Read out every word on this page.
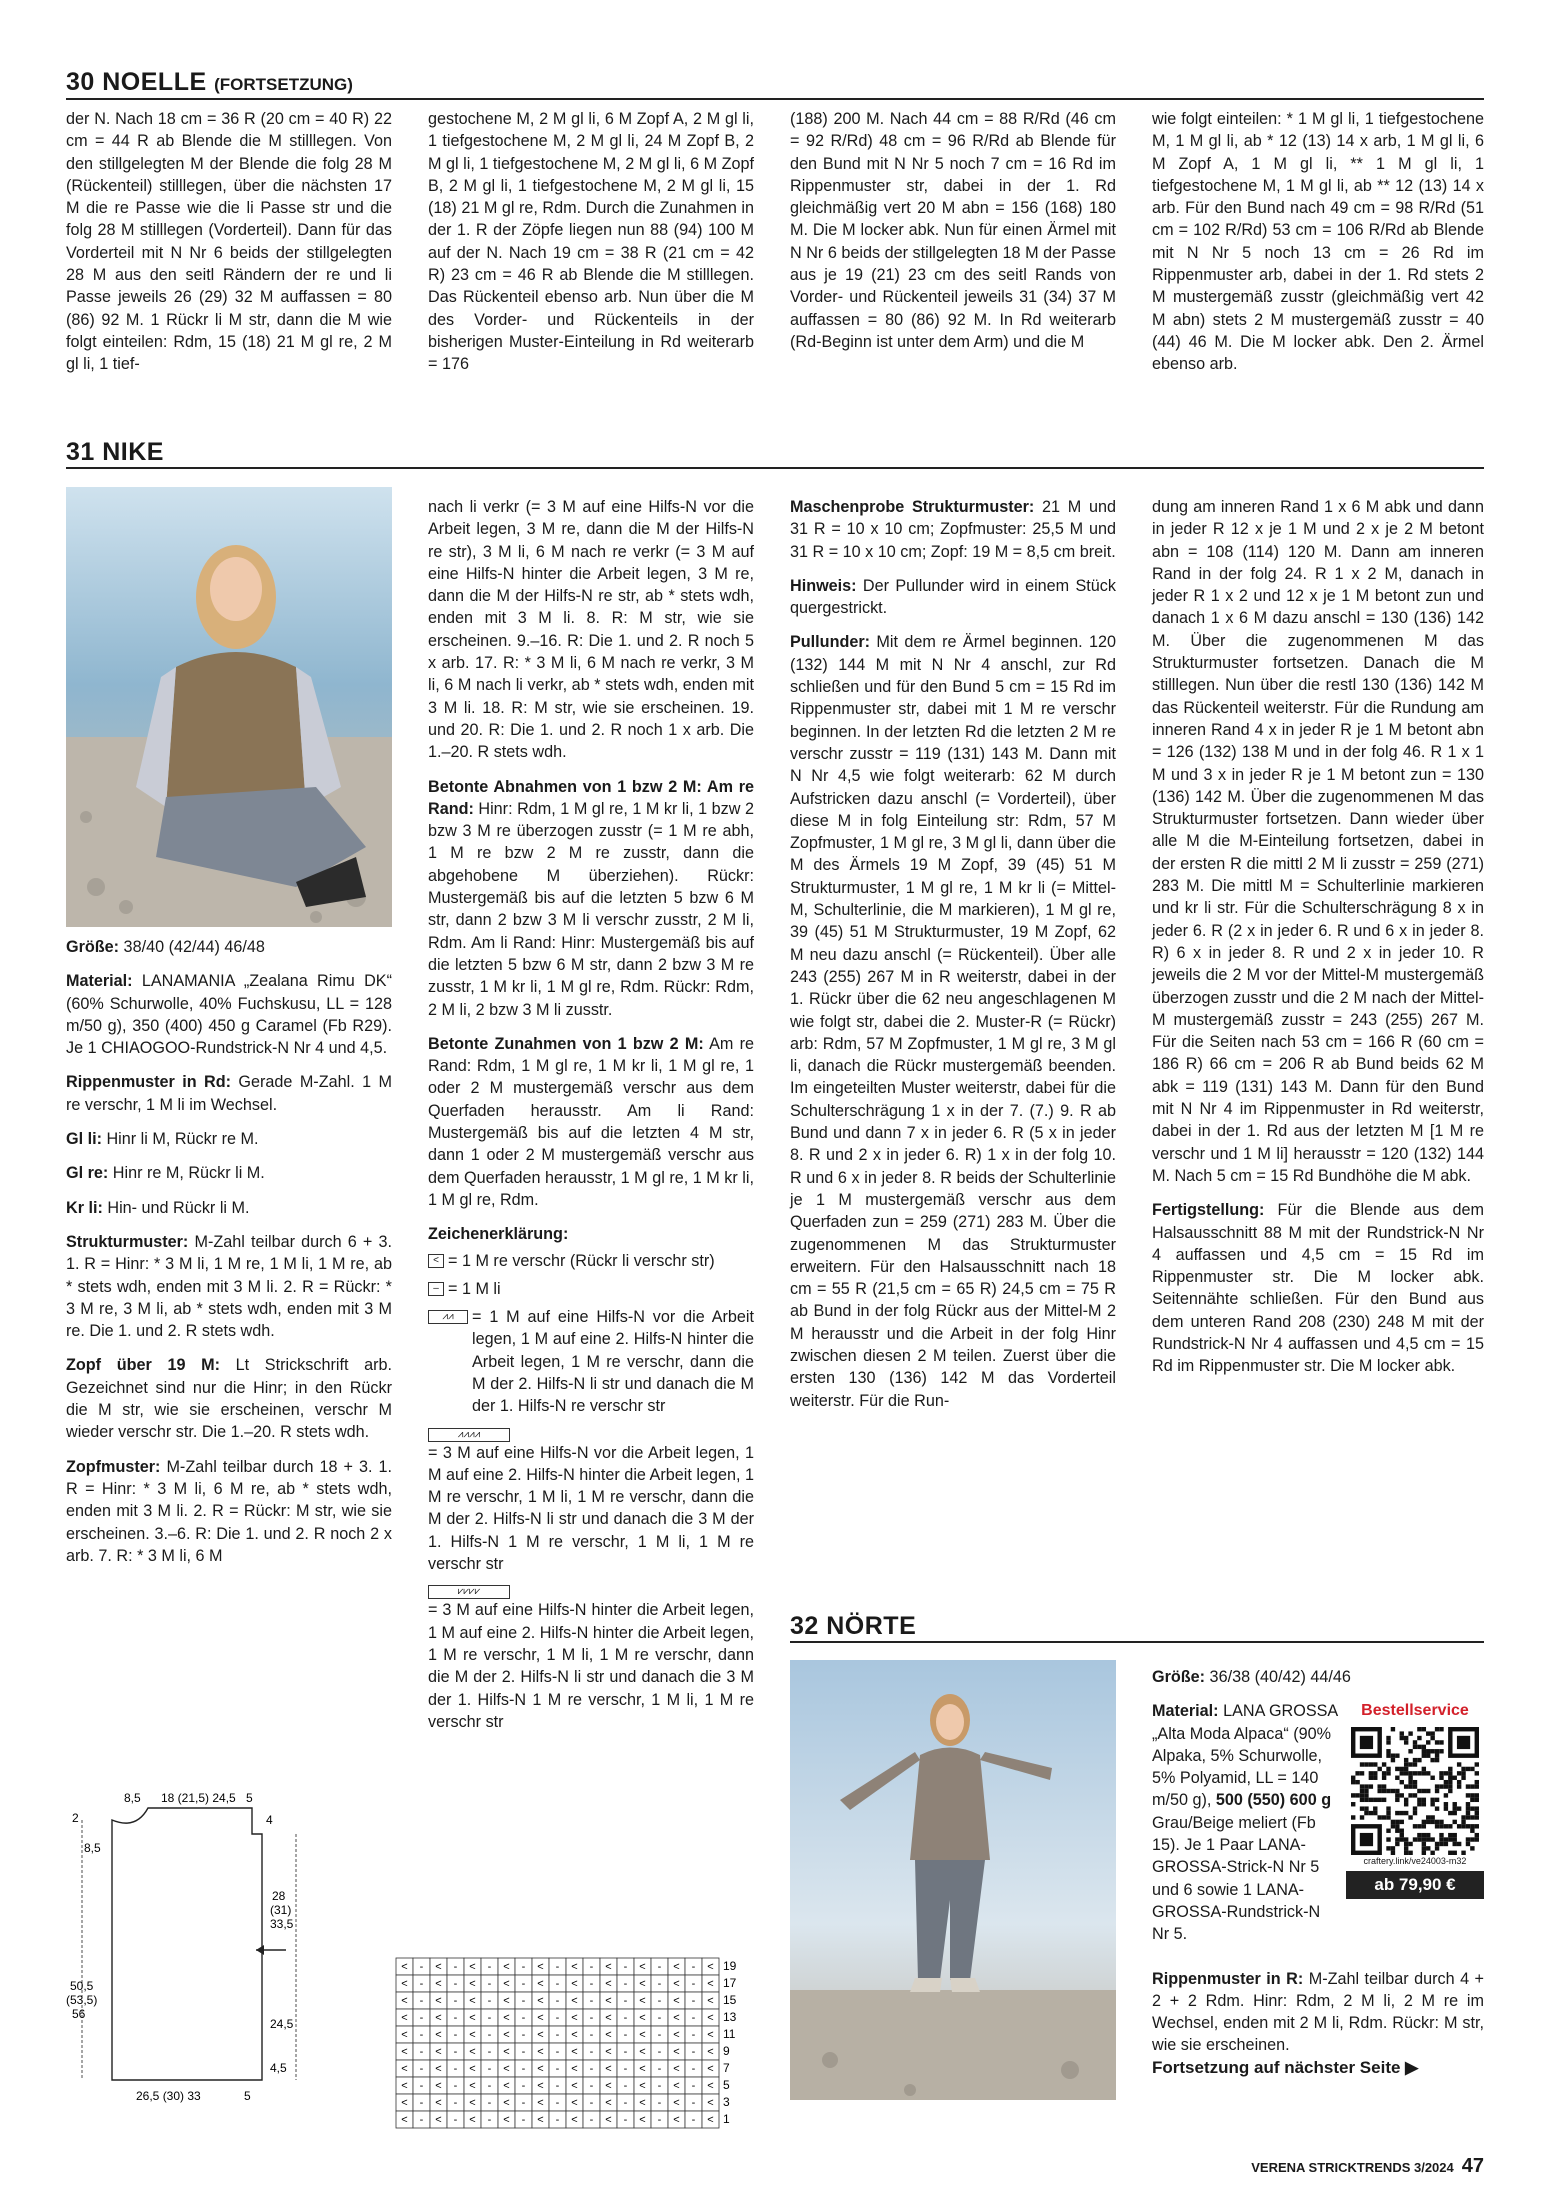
30 NOELLE (FORTSETZUNG)

der N. Nach 18 cm = 36 R (20 cm = 40 R) 22 cm = 44 R ab Blende die M stilllegen. Von den stillgelegten M der Blende die folg 28 M (Rückenteil) stilllegen, über die nächsten 17 M die re Passe wie die li Passe str und die folg 28 M stilllegen (Vorderteil). Dann für das Vorderteil mit N Nr 6 beids der stillgelegten 28 M aus den seitl Rändern der re und li Passe jeweils 26 (29) 32 M auffassen = 80 (86) 92 M. 1 Rückr li M str, dann die M wie folgt einteilen: Rdm, 15 (18) 21 M gl re, 2 M gl li, 1 tief-

gestochene M, 2 M gl li, 6 M Zopf A, 2 M gl li, 1 tiefgestochene M, 2 M gl li, 24 M Zopf B, 2 M gl li, 1 tiefgestochene M, 2 M gl li, 6 M Zopf B, 2 M gl li, 1 tiefgestochene M, 2 M gl li, 15 (18) 21 M gl re, Rdm. Durch die Zunahmen in der 1. R der Zöpfe liegen nun 88 (94) 100 M auf der N. Nach 19 cm = 38 R (21 cm = 42 R) 23 cm = 46 R ab Blende die M stilllegen. Das Rückenteil ebenso arb. Nun über die M des Vorder- und Rückenteils in der bisherigen Muster-Einteilung in Rd weiterarb = 176

(188) 200 M. Nach 44 cm = 88 R/Rd (46 cm = 92 R/Rd) 48 cm = 96 R/Rd ab Blende für den Bund mit N Nr 5 noch 7 cm = 16 Rd im Rippenmuster str, dabei in der 1. Rd gleichmäßig vert 20 M abn = 156 (168) 180 M. Die M locker abk. Nun für einen Ärmel mit N Nr 6 beids der stillgelegten 18 M der Passe aus je 19 (21) 23 cm des seitl Rands von Vorder- und Rückenteil jeweils 31 (34) 37 M auffassen = 80 (86) 92 M. In Rd weiterarb (Rd-Beginn ist unter dem Arm) und die M

wie folgt einteilen: * 1 M gl li, 1 tiefgestochene M, 1 M gl li, ab * 12 (13) 14 x arb, 1 M gl li, 6 M Zopf A, 1 M gl li, ** 1 M gl li, 1 tiefgestochene M, 1 M gl li, ab ** 12 (13) 14 x arb. Für den Bund nach 49 cm = 98 R/Rd (51 cm = 102 R/Rd) 53 cm = 106 R/Rd ab Blende mit N Nr 5 noch 13 cm = 26 Rd im Rippenmuster arb, dabei in der 1. Rd stets 2 M mustergemäß zusstr (gleichmäßig vert 42 M abn) stets 2 M mustergemäß zusstr = 40 (44) 46 M. Die M locker abk. Den 2. Ärmel ebenso arb.

31 NIKE

Größe: 38/40 (42/44) 46/48

Material: LANAMANIA „Zealana Rimu DK“ (60% Schurwolle, 40% Fuchskusu, LL = 128 m/50 g), 350 (400) 450 g Caramel (Fb R29). Je 1 CHIAOGOO-Rundstrick-N Nr 4 und 4,5.

Rippenmuster in Rd: Gerade M-Zahl. 1 M re verschr, 1 M li im Wechsel.

Gl li: Hinr li M, Rückr re M.

Gl re: Hinr re M, Rückr li M.

Kr li: Hin- und Rückr li M.

Strukturmuster: M-Zahl teilbar durch 6 + 3. 1. R = Hinr: * 3 M li, 1 M re, 1 M li, 1 M re, ab * stets wdh, enden mit 3 M li. 2. R = Rückr: * 3 M re, 3 M li, ab * stets wdh, enden mit 3 M re. Die 1. und 2. R stets wdh.

Zopf über 19 M: Lt Strickschrift arb. Gezeichnet sind nur die Hinr; in den Rückr die M str, wie sie erscheinen, verschr M wieder verschr str. Die 1.–20. R stets wdh.

Zopfmuster: M-Zahl teilbar durch 18 + 3. 1. R = Hinr: * 3 M li, 6 M re, ab * stets wdh, enden mit 3 M li. 2. R = Rückr: M str, wie sie erscheinen. 3.–6. R: Die 1. und 2. R noch 2 x arb. 7. R: * 3 M li, 6 M

8,5 18 (21,5) 24,5 5
2
8,5
4
28
(31)
33,5
24,5
4,5
50,5
(53,5)
56
26,5 (30) 33	5

nach li verkr (= 3 M auf eine Hilfs-N vor die Arbeit legen, 3 M re, dann die M der Hilfs-N re str), 3 M li, 6 M nach re verkr (= 3 M auf eine Hilfs-N hinter die Arbeit legen, 3 M re, dann die M der Hilfs-N re str, ab * stets wdh, enden mit 3 M li. 8. R: M str, wie sie erscheinen. 9.–16. R: Die 1. und 2. R noch 5 x arb. 17. R: * 3 M li, 6 M nach re verkr, 3 M li, 6 M nach li verkr, ab * stets wdh, enden mit 3 M li. 18. R: M str, wie sie erscheinen. 19. und 20. R: Die 1. und 2. R noch 1 x arb. Die 1.–20. R stets wdh.

Betonte Abnahmen von 1 bzw 2 M: Am re Rand: Hinr: Rdm, 1 M gl re, 1 M kr li, 1 bzw 2 bzw 3 M re überzogen zusstr (= 1 M re abh, 1 M re bzw 2 M re zusstr, dann die abgehobene M überziehen). Rückr: Mustergemäß bis auf die letzten 5 bzw 6 M str, dann 2 bzw 3 M li verschr zusstr, 2 M li, Rdm. Am li Rand: Hinr: Mustergemäß bis auf die letzten 5 bzw 6 M str, dann 2 bzw 3 M re zusstr, 1 M kr li, 1 M gl re, Rdm. Rückr: Rdm, 2 M li, 2 bzw 3 M li zusstr.

Betonte Zunahmen von 1 bzw 2 M: Am re Rand: Rdm, 1 M gl re, 1 M kr li, 1 M gl re, 1 oder 2 M mustergemäß verschr aus dem Querfaden herausstr. Am li Rand: Mustergemäß bis auf die letzten 4 M str, dann 1 oder 2 M mustergemäß verschr aus dem Querfaden herausstr, 1 M gl re, 1 M kr li, 1 M gl re, Rdm.

Zeichenerklärung:

< = 1 M re verschr (Rückr li verschr str)
– = 1 M li
⩘⩘	= 1 M auf eine Hilfs-N vor die Arbeit legen, 1 M auf eine 2. Hilfs-N hinter die Arbeit legen, 1 M re verschr, dann die M der 2. Hilfs-N li str und danach die M der 1. Hilfs-N re verschr str
⩘⩘⩘⩘
= 3 M auf eine Hilfs-N vor die Arbeit legen, 1 M auf eine 2. Hilfs-N hinter die Arbeit legen, 1 M re verschr, 1 M li, 1 M re verschr, dann die M der 2. Hilfs-N li str und danach die 3 M der 1. Hilfs-N 1 M re verschr, 1 M li, 1 M re verschr str
⩗⩗⩗⩗
= 3 M auf eine Hilfs-N hinter die Arbeit legen, 1 M auf eine 2. Hilfs-N hinter die Arbeit legen, 1 M re verschr, 1 M li, 1 M re verschr, dann die M der 2. Hilfs-N li str und danach die 3 M der 1. Hilfs-N 1 M re verschr, 1 M li, 1 M re verschr str
< - < - < - < - < - < - < - < - < - <
< - < - < - < - < - < - < - < - < - <
< - < - < - < - < - < - < - < - < - <
< - < - < - < - < - < - < - < - < - <
< - < - < - < - < - < - < - < - < - <
< - < - < - < - < - < - < - < - < - <
< - < - < - < - < - < - < - < - < - <
< - < - < - < - < - < - < - < - < - <
< - < - < - < - < - < - < - < - < - <
< - < - < - < - < - < - < - < - < - <
19
17
15
13
11
9
7
5
3
1

Maschenprobe Strukturmuster: 21 M und 31 R = 10 x 10 cm; Zopfmuster: 25,5 M und 31 R = 10 x 10 cm; Zopf: 19 M = 8,5 cm breit.

Hinweis: Der Pullunder wird in einem Stück quergestrickt.

Pullunder: Mit dem re Ärmel beginnen. 120 (132) 144 M mit N Nr 4 anschl, zur Rd schließen und für den Bund 5 cm = 15 Rd im Rippenmuster str, dabei mit 1 M re verschr beginnen. In der letzten Rd die letzten 2 M re verschr zusstr = 119 (131) 143 M. Dann mit N Nr 4,5 wie folgt weiterarb: 62 M durch Aufstricken dazu anschl (= Vorderteil), über diese M in folg Einteilung str: Rdm, 57 M Zopfmuster, 1 M gl re, 3 M gl li, dann über die M des Ärmels 19 M Zopf, 39 (45) 51 M Strukturmuster, 1 M gl re, 1 M kr li (= Mittel-M, Schulterlinie, die M markieren), 1 M gl re, 39 (45) 51 M Strukturmuster, 19 M Zopf, 62 M neu dazu anschl (= Rückenteil). Über alle 243 (255) 267 M in R weiterstr, dabei in der 1. Rückr über die 62 neu angeschlagenen M wie folgt str, dabei die 2. Muster-R (= Rückr) arb: Rdm, 57 M Zopfmuster, 1 M gl re, 3 M gl li, danach die Rückr mustergemäß beenden. Im eingeteilten Muster weiterstr, dabei für die Schulterschrägung 1 x in der 7. (7.) 9. R ab Bund und dann 7 x in jeder 6. R (5 x in jeder 8. R und 2 x in jeder 6. R) 1 x in der folg 10. R und 6 x in jeder 8. R beids der Schulterlinie je 1 M mustergemäß verschr aus dem Querfaden zun = 259 (271) 283 M. Über die zugenommenen M das Strukturmuster erweitern. Für den Halsausschnitt nach 18 cm = 55 R (21,5 cm = 65 R) 24,5 cm = 75 R ab Bund in der folg Rückr aus der Mittel-M 2 M herausstr und die Arbeit in der folg Hinr zwischen diesen 2 M teilen. Zuerst über die ersten 130 (136) 142 M das Vorderteil weiterstr. Für die Run-

dung am inneren Rand 1 x 6 M abk und dann in jeder R 12 x je 1 M und 2 x je 2 M betont abn = 108 (114) 120 M. Dann am inneren Rand in der folg 24. R 1 x 2 M, danach in jeder R 1 x 2 und 12 x je 1 M betont zun und danach 1 x 6 M dazu anschl = 130 (136) 142 M. Über die zugenommenen M das Strukturmuster fortsetzen. Danach die M stilllegen. Nun über die restl 130 (136) 142 M das Rückenteil weiterstr. Für die Rundung am inneren Rand 4 x in jeder R je 1 M betont abn = 126 (132) 138 M und in der folg 46. R 1 x 1 M und 3 x in jeder R je 1 M betont zun = 130 (136) 142 M. Über die zugenommenen M das Strukturmuster fortsetzen. Dann wieder über alle M die M-Einteilung fortsetzen, dabei in der ersten R die mittl 2 M li zusstr = 259 (271) 283 M. Die mittl M = Schulterlinie markieren und kr li str. Für die Schulterschrägung 8 x in jeder 6. R (2 x in jeder 6. R und 6 x in jeder 8. R) 6 x in jeder 8. R und 2 x in jeder 10. R jeweils die 2 M vor der Mittel-M mustergemäß überzogen zusstr und die 2 M nach der Mittel-M mustergemäß zusstr = 243 (255) 267 M. Für die Seiten nach 53 cm = 166 R (60 cm = 186 R) 66 cm = 206 R ab Bund beids 62 M abk = 119 (131) 143 M. Dann für den Bund mit N Nr 4 im Rippenmuster in Rd weiterstr, dabei in der 1. Rd aus der letzten M [1 M re verschr und 1 M li] herausstr = 120 (132) 144 M. Nach 5 cm = 15 Rd Bundhöhe die M abk.

Fertigstellung: Für die Blende aus dem Halsausschnitt 88 M mit der Rundstrick-N Nr 4 auffassen und 4,5 cm = 15 Rd im Rippenmuster str. Die M locker abk. Seitennähte schließen. Für den Bund aus dem unteren Rand 208 (230) 248 M mit der Rundstrick-N Nr 4 auffassen und 4,5 cm = 15 Rd im Rippenmuster str. Die M locker abk.

32 NÖRTE

Größe: 36/38 (40/42) 44/46

Material: LANA GROSSA „Alta Moda Alpaca“ (90% Alpaka, 5% Schurwolle, 5% Polyamid, LL = 140 m/50 g), 500 (550) 600 g Grau/Beige meliert (Fb 15). Je 1 Paar LANA-GROSSA-Strick-N Nr 5 und 6 sowie 1 LANA-GROSSA-Rundstrick-N Nr 5.
Bestellservice
craftery.link/ve24003-m32
ab 79,90 €

Rippenmuster in R: M-Zahl teilbar durch 4 + 2 + 2 Rdm. Hinr: Rdm, 2 M li, 2 M re im Wechsel, enden mit 2 M li, Rdm. Rückr: M str, wie sie erscheinen.

Fortsetzung auf nächster Seite ▶

VERENA STRICKTRENDS 3/2024 47
